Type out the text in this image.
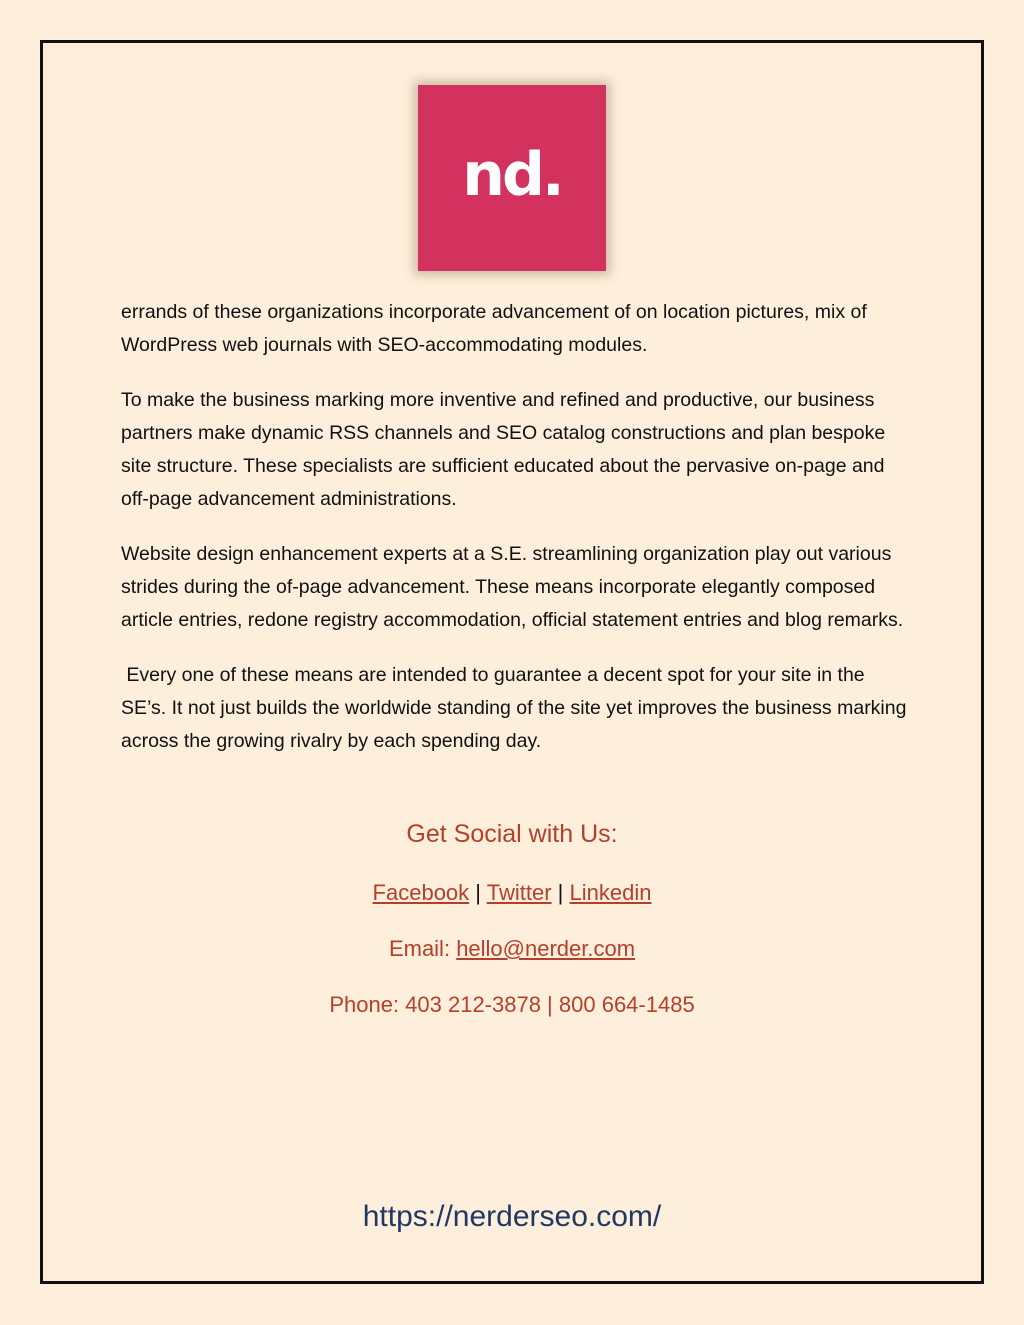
nd.

errands of these organizations incorporate advancement of on location pictures, mix of WordPress web journals with SEO-accommodating modules.

To make the business marking more inventive and refined and productive, our business partners make dynamic RSS channels and SEO catalog constructions and plan bespoke site structure. These specialists are sufficient educated about the pervasive on-page and off-page advancement administrations.

Website design enhancement experts at a S.E. streamlining organization play out various strides during the of-page advancement. These means incorporate elegantly composed article entries, redone registry accommodation, official statement entries and blog remarks.

Every one of these means are intended to guarantee a decent spot for your site in the SE’s. It not just builds the worldwide standing of the site yet improves the business marking across the growing rivalry by each spending day.

Get Social with Us:
Facebook | Twitter | Linkedin
Email: hello@nerder.com
Phone: 403 212-3878 | 800 664-1485
https://nerderseo.com/
